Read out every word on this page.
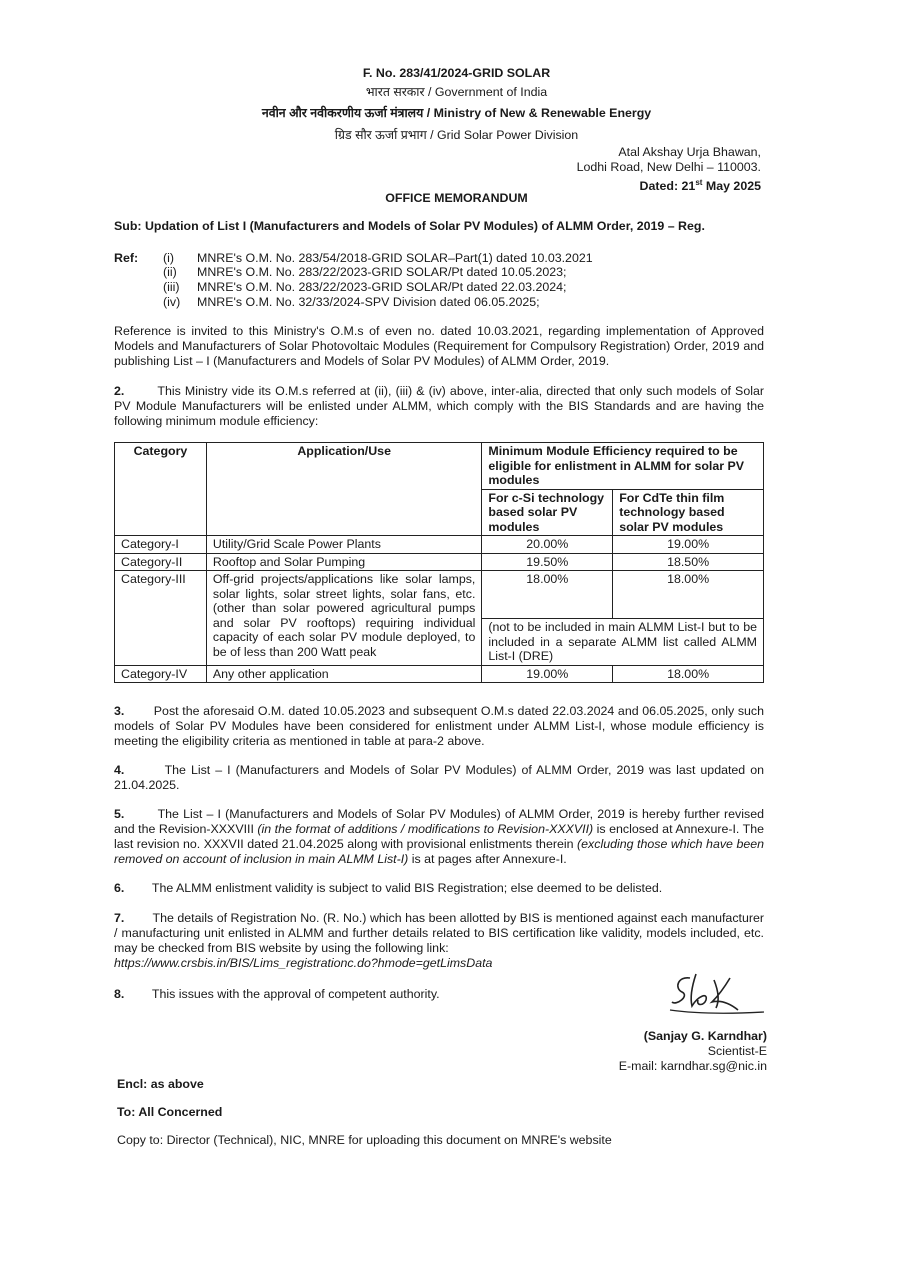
F. No. 283/41/2024-GRID SOLAR
भारत सरकार / Government of India
नवीन और नवीकरणीय ऊर्जा मंत्रालय / Ministry of New & Renewable Energy
ग्रिड सौर ऊर्जा प्रभाग / Grid Solar Power Division
Atal Akshay Urja Bhawan,
Lodhi Road, New Delhi – 110003.
Dated: 21st May 2025
OFFICE MEMORANDUM
Sub: Updation of List I (Manufacturers and Models of Solar PV Modules) of ALMM Order, 2019 – Reg.
Ref: (i) MNRE's O.M. No. 283/54/2018-GRID SOLAR–Part(1) dated 10.03.2021
(ii) MNRE's O.M. No. 283/22/2023-GRID SOLAR/Pt dated 10.05.2023;
(iii) MNRE's O.M. No. 283/22/2023-GRID SOLAR/Pt dated 22.03.2024;
(iv) MNRE's O.M. No. 32/33/2024-SPV Division dated 06.05.2025;
Reference is invited to this Ministry's O.M.s of even no. dated 10.03.2021, regarding implementation of Approved Models and Manufacturers of Solar Photovoltaic Modules (Requirement for Compulsory Registration) Order, 2019 and publishing List – I (Manufacturers and Models of Solar PV Modules) of ALMM Order, 2019.
2.	This Ministry vide its O.M.s referred at (ii), (iii) & (iv) above, inter-alia, directed that only such models of Solar PV Module Manufacturers will be enlisted under ALMM, which comply with the BIS Standards and are having the following minimum module efficiency:
Category	Application/Use	Minimum Module Efficiency required to be eligible for enlistment in ALMM for solar PV modules	
		For c-Si technology based solar PV modules	For CdTe thin film technology based solar PV modules
Category-I	Utility/Grid Scale Power Plants	20.00%	19.00%
Category-II	Rooftop and Solar Pumping	19.50%	18.50%
Category-III	Off-grid projects/applications like solar lamps, solar lights, solar street lights, solar fans, etc. (other than solar powered agricultural pumps and solar PV rooftops) requiring individual capacity of each solar PV module deployed, to be of less than 200 Watt peak	18.00%	18.00%
		(not to be included in main ALMM List-I but to be included in a separate ALMM list called ALMM List-I (DRE)	
Category-IV	Any other application	19.00%	18.00%
3. Post the aforesaid O.M. dated 10.05.2023 and subsequent O.M.s dated 22.03.2024 and 06.05.2025, only such models of Solar PV Modules have been considered for enlistment under ALMM List-I, whose module efficiency is meeting the eligibility criteria as mentioned in table at para-2 above.
4.	The List – I (Manufacturers and Models of Solar PV Modules) of ALMM Order, 2019 was last updated on 21.04.2025.
5.	The List – I (Manufacturers and Models of Solar PV Modules) of ALMM Order, 2019 is hereby further revised and the Revision-XXXVIII (in the format of additions / modifications to Revision-XXXVII) is enclosed at Annexure-I. The last revision no. XXXVII dated 21.04.2025 along with provisional enlistments therein (excluding those which have been removed on account of inclusion in main ALMM List-I) is at pages after Annexure-I.
6. The ALMM enlistment validity is subject to valid BIS Registration; else deemed to be delisted.
7. The details of Registration No. (R. No.) which has been allotted by BIS is mentioned against each manufacturer / manufacturing unit enlisted in ALMM and further details related to BIS certification like validity, models included, etc. may be checked from BIS website by using the following link:
https://www.crsbis.in/BIS/Lims_registrationc.do?hmode=getLimsData
8. This issues with the approval of competent authority.
(Sanjay G. Karndhar)
Scientist-E
E-mail: karndhar.sg@nic.in
Encl: as above
To: All Concerned
Copy to: Director (Technical), NIC, MNRE for uploading this document on MNRE's website
